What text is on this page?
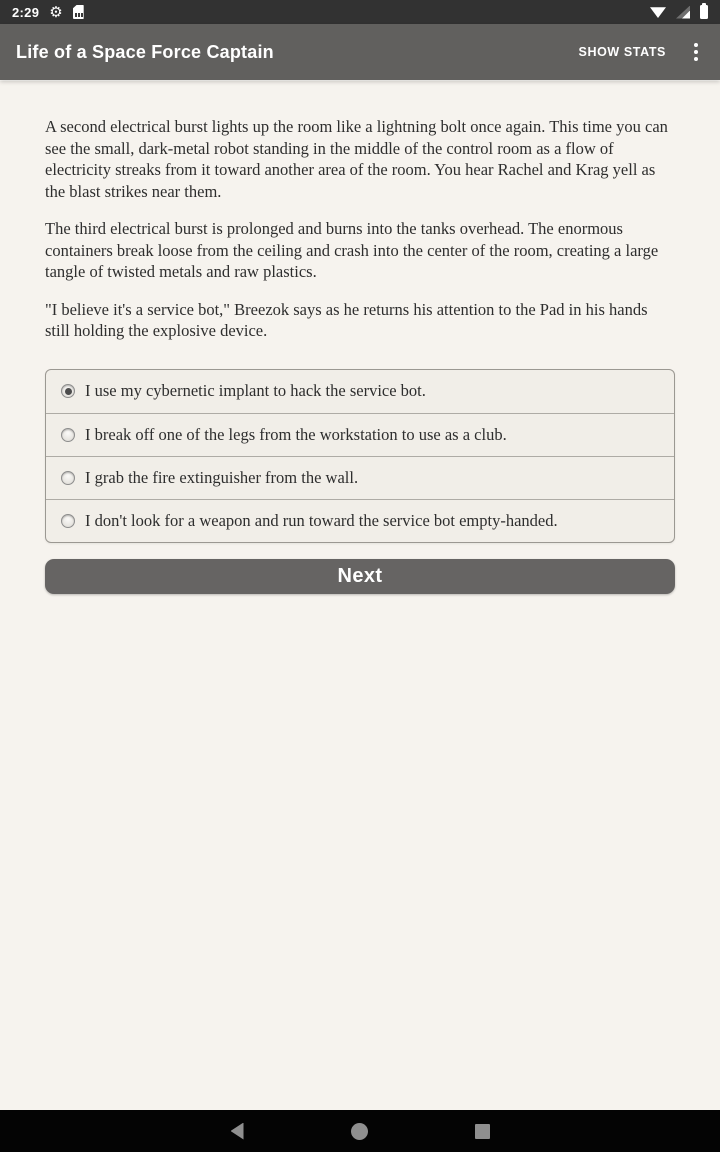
2:29 ⚙
Life of a Space Force Captain	SHOW STATS

A second electrical burst lights up the room like a lightning bolt once again. This time you can see the small, dark-metal robot standing in the middle of the control room as a flow of electricity streaks from it toward another area of the room. You hear Rachel and Krag yell as the blast strikes near them.

The third electrical burst is prolonged and burns into the tanks overhead. The enormous containers break loose from the ceiling and crash into the center of the room, creating a large tangle of twisted metals and raw plastics.

"I believe it's a service bot," Breezok says as he returns his attention to the Pad in his hands still holding the explosive device.

I use my cybernetic implant to hack the service bot.
I break off one of the legs from the workstation to use as a club.
I grab the fire extinguisher from the wall.
I don't look for a weapon and run toward the service bot empty-handed.
Next
